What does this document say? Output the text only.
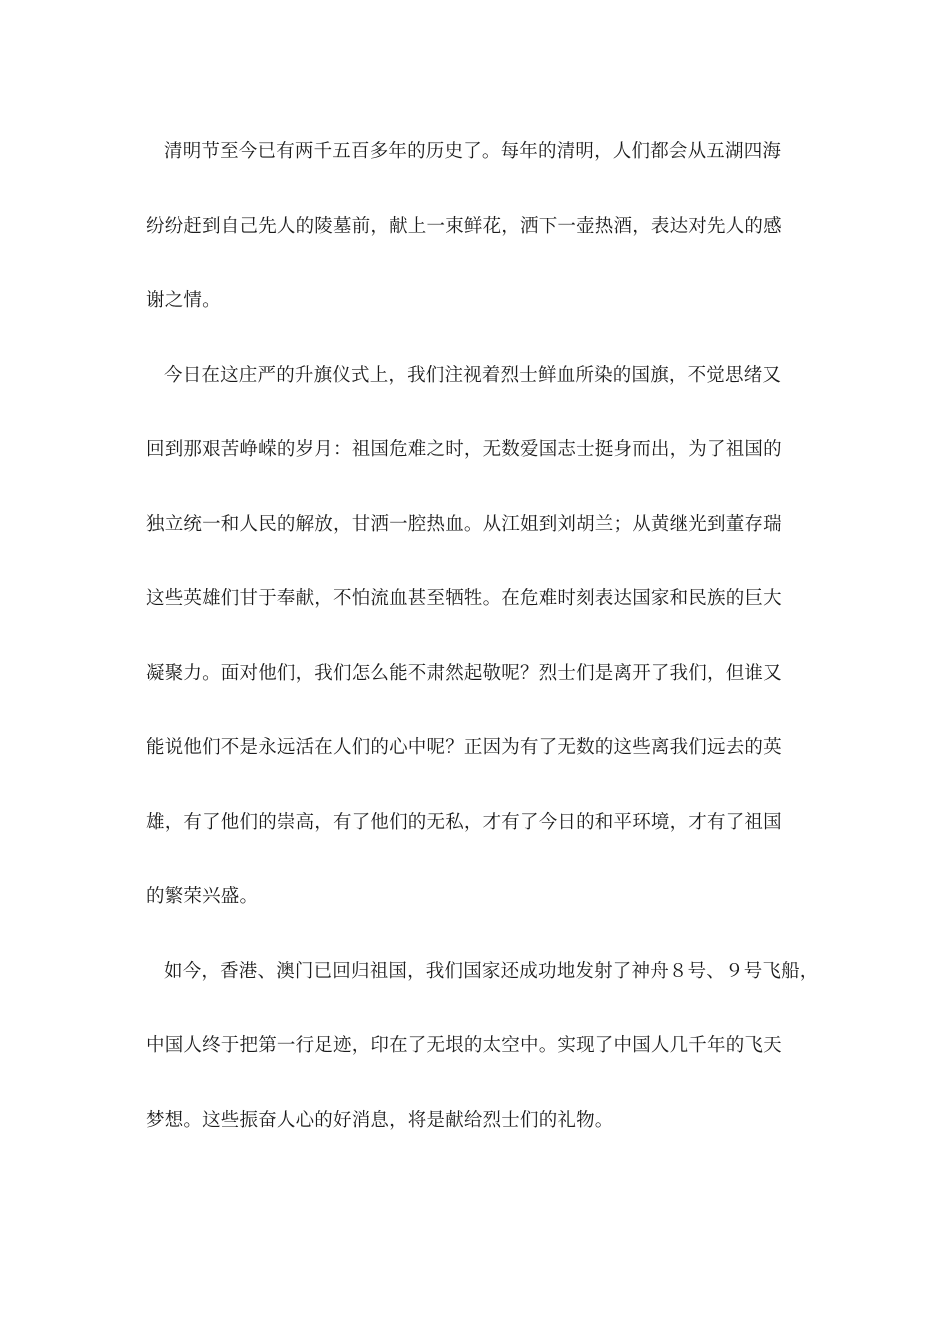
清明节至今已有两千五百多年的历史了。每年的清明，人们都会从五湖四海
纷纷赶到自己先人的陵墓前，献上一束鲜花，洒下一壶热酒，表达对先人的感
谢之情。
今日在这庄严的升旗仪式上，我们注视着烈士鲜血所染的国旗，不觉思绪又
回到那艰苦峥嵘的岁月：祖国危难之时，无数爱国志士挺身而出，为了祖国的
独立统一和人民的解放，甘洒一腔热血。从江姐到刘胡兰；从黄继光到董存瑞
这些英雄们甘于奉献，不怕流血甚至牺牲。在危难时刻表达国家和民族的巨大
凝聚力。面对他们，我们怎么能不肃然起敬呢？烈士们是离开了我们，但谁又
能说他们不是永远活在人们的心中呢？正因为有了无数的这些离我们远去的英
雄，有了他们的崇高，有了他们的无私，才有了今日的和平环境，才有了祖国
的繁荣兴盛。
如今，香港、澳门已回归祖国，我们国家还成功地发射了神舟８号、９号飞船，
中国人终于把第一行足迹，印在了无垠的太空中。实现了中国人几千年的飞天
梦想。这些振奋人心的好消息，将是献给烈士们的礼物。
